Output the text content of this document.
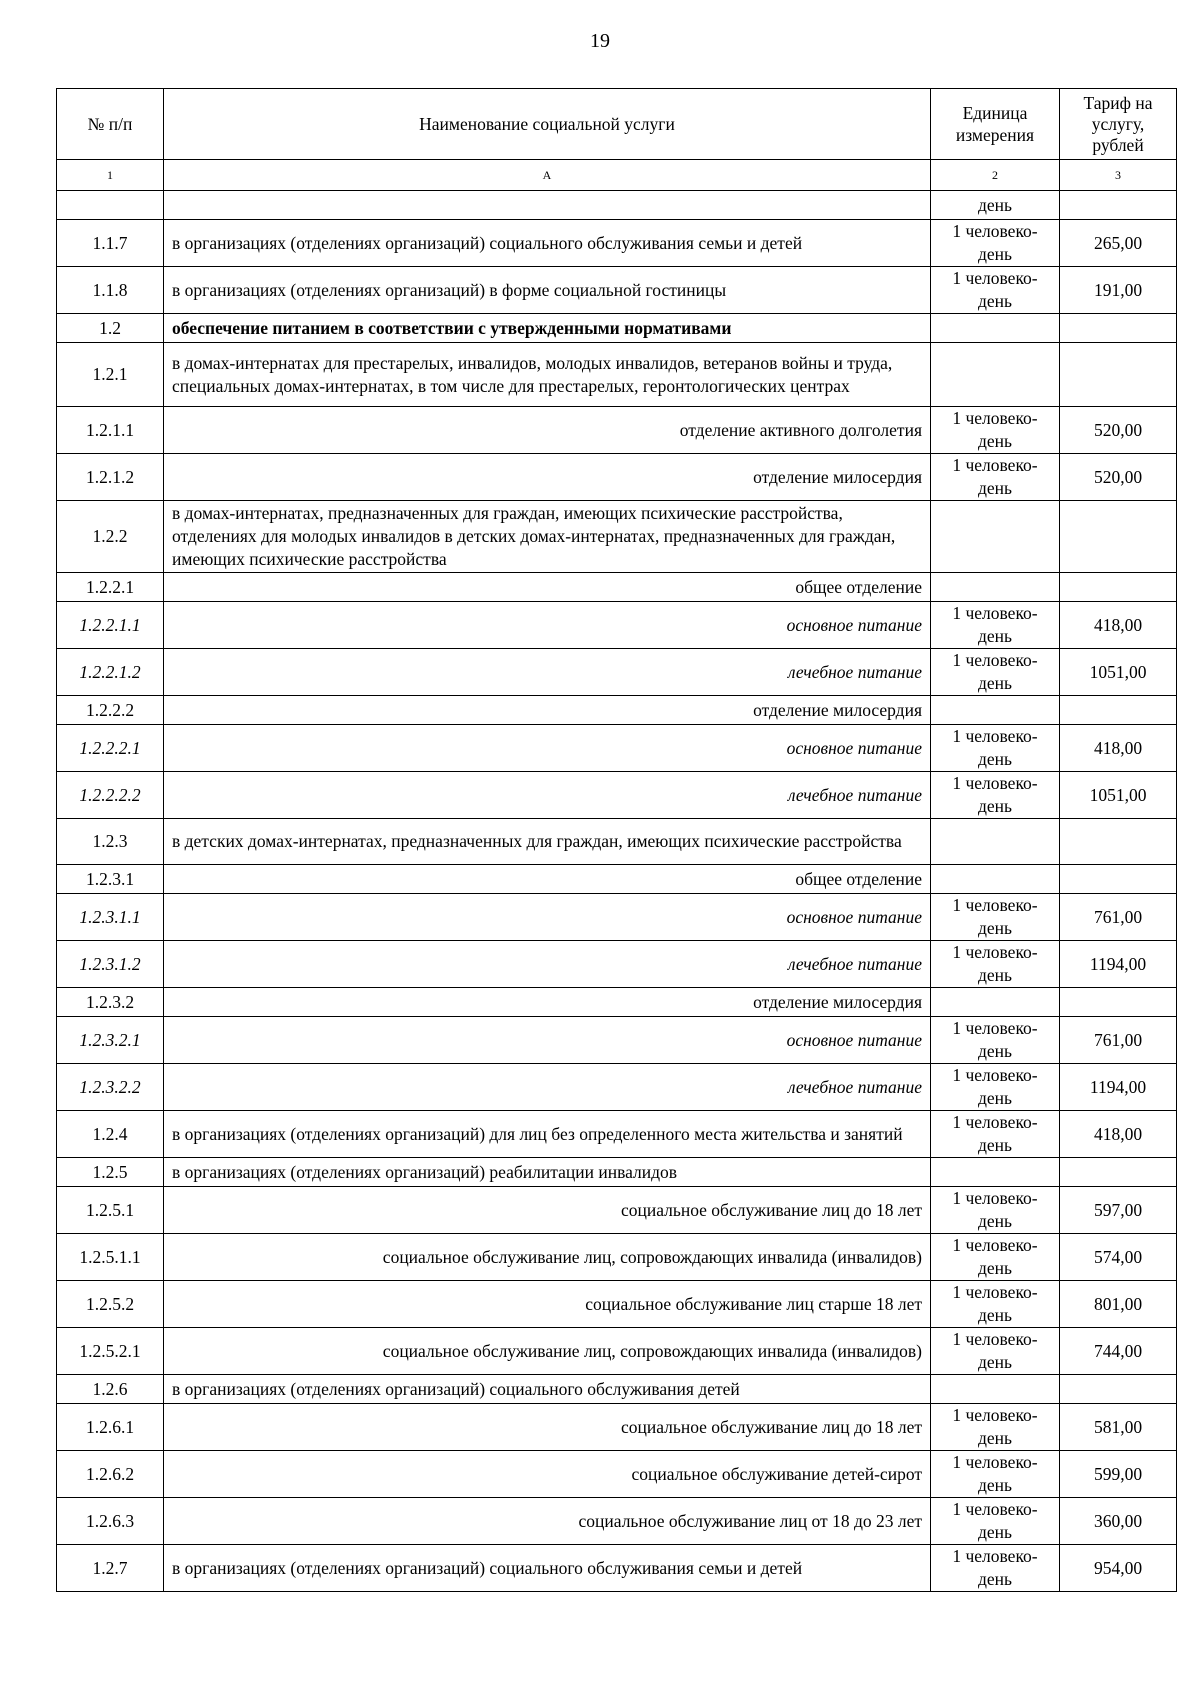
19
№ п/п	Наименование социальной услуги	Единица измерения	Тариф на услугу, рублей
1	А	2	3
		день	
1.1.7	в организациях (отделениях организаций) социального обслуживания семьи и детей	1 человеко-день	265,00
1.1.8	в организациях (отделениях организаций) в форме социальной гостиницы	1 человеко-день	191,00
1.2	обеспечение питанием в соответствии с утвержденными нормативами		
1.2.1	в домах-интернатах для престарелых, инвалидов, молодых инвалидов, ветеранов войны и труда, специальных домах-интернатах, в том числе для престарелых, геронтологических центрах		
1.2.1.1	отделение активного долголетия	1 человеко-день	520,00
1.2.1.2	отделение милосердия	1 человеко-день	520,00
1.2.2	в домах-интернатах, предназначенных для граждан, имеющих психические расстройства, отделениях для молодых инвалидов в детских домах-интернатах, предназначенных для граждан, имеющих психические расстройства		
1.2.2.1	общее отделение		
1.2.2.1.1	основное питание	1 человеко-день	418,00
1.2.2.1.2	лечебное питание	1 человеко-день	1051,00
1.2.2.2	отделение милосердия		
1.2.2.2.1	основное питание	1 человеко-день	418,00
1.2.2.2.2	лечебное питание	1 человеко-день	1051,00
1.2.3	в детских домах-интернатах, предназначенных для граждан, имеющих психические расстройства		
1.2.3.1	общее отделение		
1.2.3.1.1	основное питание	1 человеко-день	761,00
1.2.3.1.2	лечебное питание	1 человеко-день	1194,00
1.2.3.2	отделение милосердия		
1.2.3.2.1	основное питание	1 человеко-день	761,00
1.2.3.2.2	лечебное питание	1 человеко-день	1194,00
1.2.4	в организациях (отделениях организаций) для лиц без определенного места жительства и занятий	1 человеко-день	418,00
1.2.5	в организациях (отделениях организаций) реабилитации инвалидов		
1.2.5.1	социальное обслуживание лиц до 18 лет	1 человеко-день	597,00
1.2.5.1.1	социальное обслуживание лиц, сопровождающих инвалида (инвалидов)	1 человеко-день	574,00
1.2.5.2	социальное обслуживание лиц старше 18 лет	1 человеко-день	801,00
1.2.5.2.1	социальное обслуживание лиц, сопровождающих инвалида (инвалидов)	1 человеко-день	744,00
1.2.6	в организациях (отделениях организаций) социального обслуживания детей		
1.2.6.1	социальное обслуживание лиц до 18 лет	1 человеко-день	581,00
1.2.6.2	социальное обслуживание детей-сирот	1 человеко-день	599,00
1.2.6.3	социальное обслуживание лиц от 18 до 23 лет	1 человеко-день	360,00
1.2.7	в организациях (отделениях организаций) социального обслуживания семьи и детей	1 человеко-день	954,00
